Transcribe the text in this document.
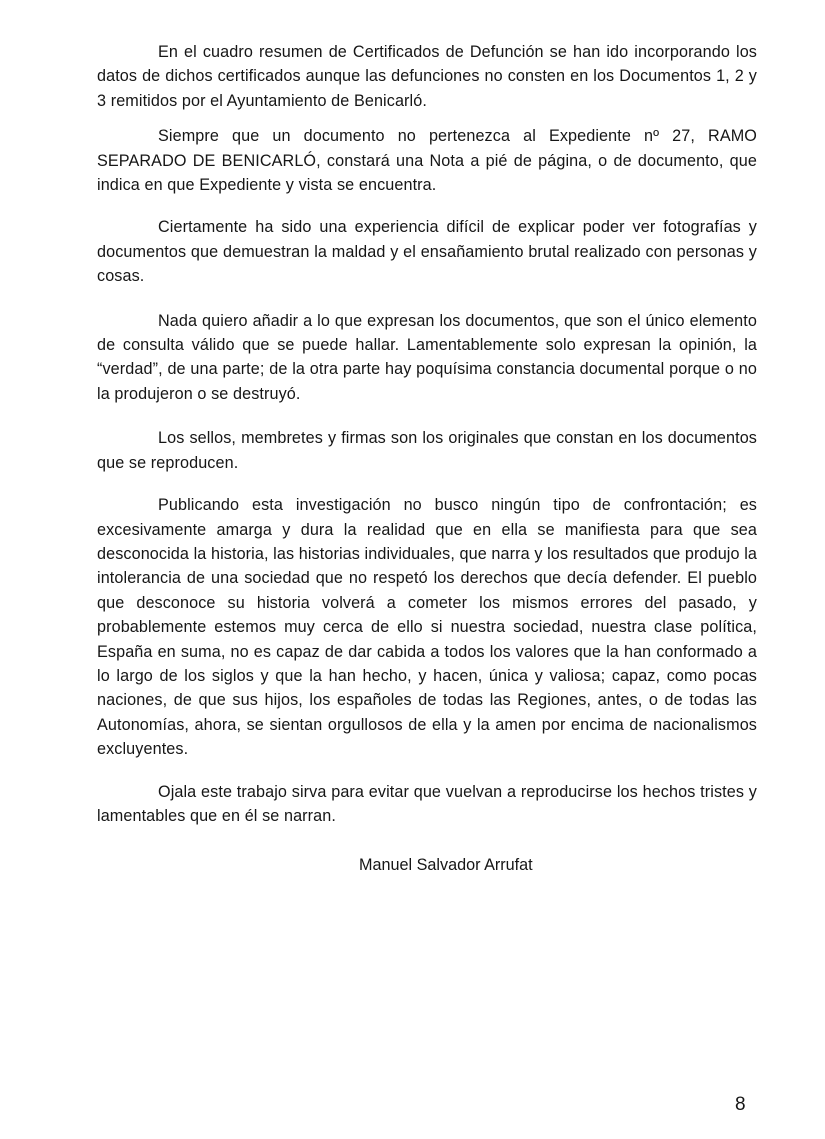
En el cuadro resumen de Certificados de Defunción se han ido incorporando los datos de dichos certificados aunque las defunciones no consten en los Documentos 1, 2 y 3 remitidos por el Ayuntamiento de Benicarló.

Siempre que un documento no pertenezca al Expediente nº 27, RAMO SEPARADO DE BENICARLÓ, constará una Nota a pié de página, o de documento, que indica en que Expediente y vista se encuentra.

Ciertamente ha sido una experiencia difícil de explicar poder ver fotografías y documentos que demuestran la maldad y el ensañamiento brutal realizado con personas y cosas.

Nada quiero añadir a lo que expresan los documentos, que son el único elemento de consulta válido que se puede hallar. Lamentablemente solo expresan la opinión, la “verdad”, de una parte; de la otra parte hay poquísima constancia documental porque o no la produjeron o se destruyó.

Los sellos, membretes y firmas son los originales que constan en los documentos que se reproducen.

Publicando esta investigación no busco ningún tipo de confrontación; es excesivamente amarga y dura la realidad que en ella se manifiesta para que sea desconocida la historia, las historias individuales, que narra y los resultados que produjo la intolerancia de una sociedad que no respetó los derechos que decía defender. El pueblo que desconoce su historia volverá a cometer los mismos errores del pasado, y probablemente estemos muy cerca de ello si nuestra sociedad, nuestra clase política, España en suma, no es capaz de dar cabida a todos los valores que la han conformado a lo largo de los siglos y que la han hecho, y hacen, única y valiosa; capaz, como pocas naciones, de que sus hijos, los españoles de todas las Regiones, antes, o de todas las Autonomías, ahora, se sientan orgullosos de ella y la amen por encima de nacionalismos excluyentes.

Ojala este trabajo sirva para evitar que vuelvan a reproducirse los hechos tristes y lamentables que en él se narran.

Manuel Salvador Arrufat
8
